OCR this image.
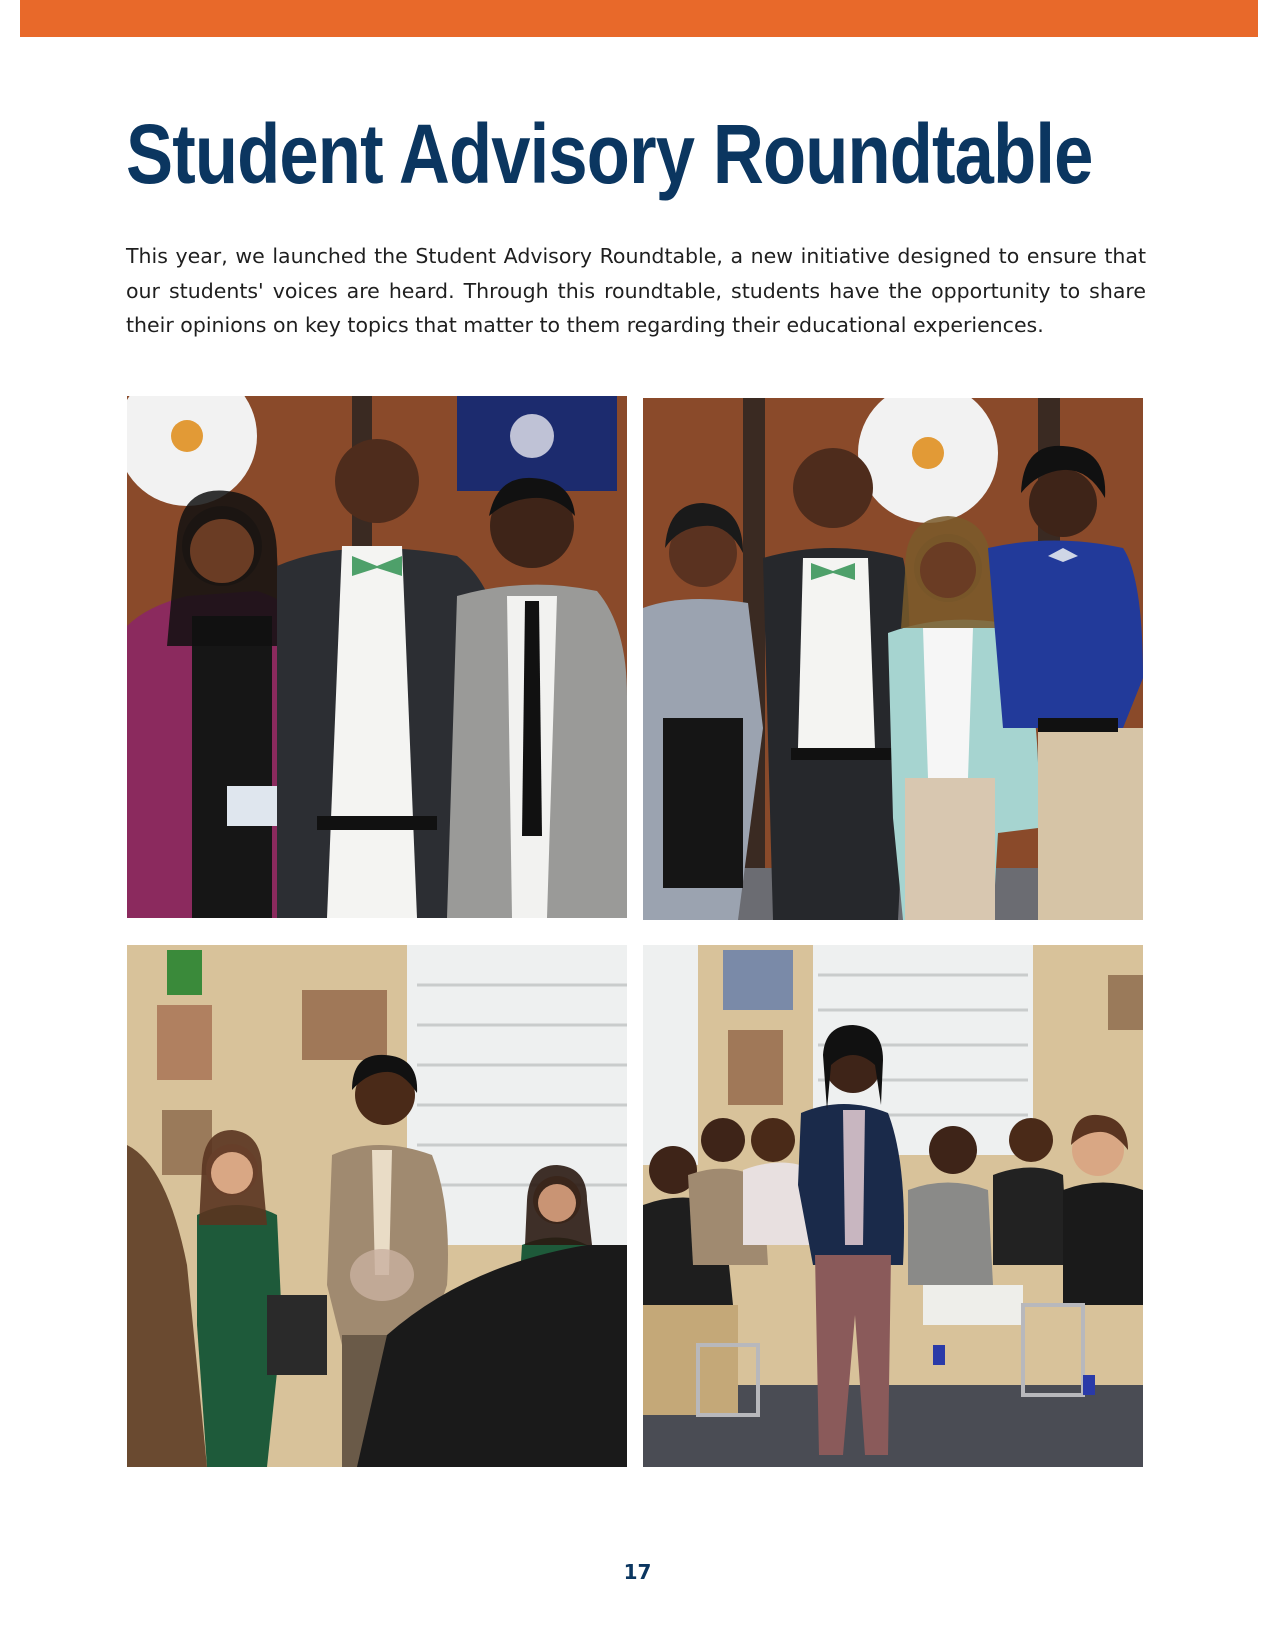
Student Advisory Roundtable

This year, we launched the Student Advisory Roundtable, a new initiative designed to ensure that our students' voices are heard. Through this roundtable, students have the opportunity to share their opinions on key topics that matter to them regarding their educational experiences.

17
